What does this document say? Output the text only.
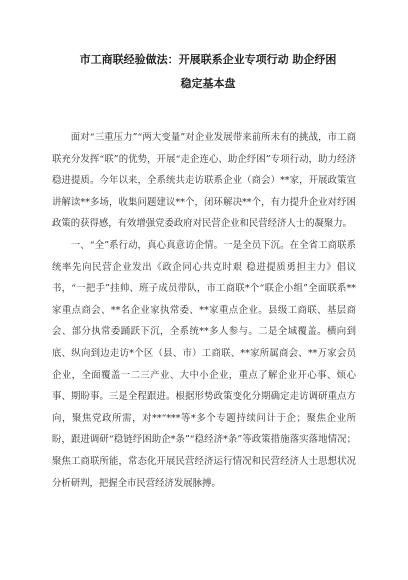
市工商联经验做法：开展联系企业专项行动 助企纾困
稳定基本盘

面对“三重压力”“两大变量”对企业发展带来前所未有的挑战，市工商联充分发挥“联”的优势，开展“走企连心、助企纾困”专项行动，助力经济稳进提质。今年以来，全系统共走访联系企业（商会）**家，开展政策宣讲解读**多场，收集问题建议**个，闭环解决**个，有力提升企业对纾困政策的获得感，有效增强党委政府对民营企业和民营经济人士的凝聚力。

一、“全”系行动，真心真意访企情。一是全员下沉。在全省工商联系统率先向民营企业发出《政企同心共克时艰 稳进提质勇担主力》倡议书，“一把手”挂帅、班子成员带队，市工商联*个“联企小组”全面联系**家重点商会、**名企业家执常委、**家重点企业。县级工商联、基层商会、部分执常委踊跃下沉，全系统**多人参与。二是全域覆盖。横向到底、纵向到边走访*个区（县、市）工商联、**家所属商会、**万家会员企业，全面覆盖一二三产业、大中小企业，重点了解企业开心事、烦心事、期盼事。三是全程跟进。根据形势政策变化分期确定走访调研重点方向，聚焦党政所需，对**“***等*多个专题持续问计于企；聚焦企业所盼，跟进调研“稳链纾困助企*条”“稳经济*条”等政策措施落实落地情况；聚焦工商联所能，常态化开展民营经济运行情况和民营经济人士思想状况分析研判，把握全市民营经济发展脉搏。
